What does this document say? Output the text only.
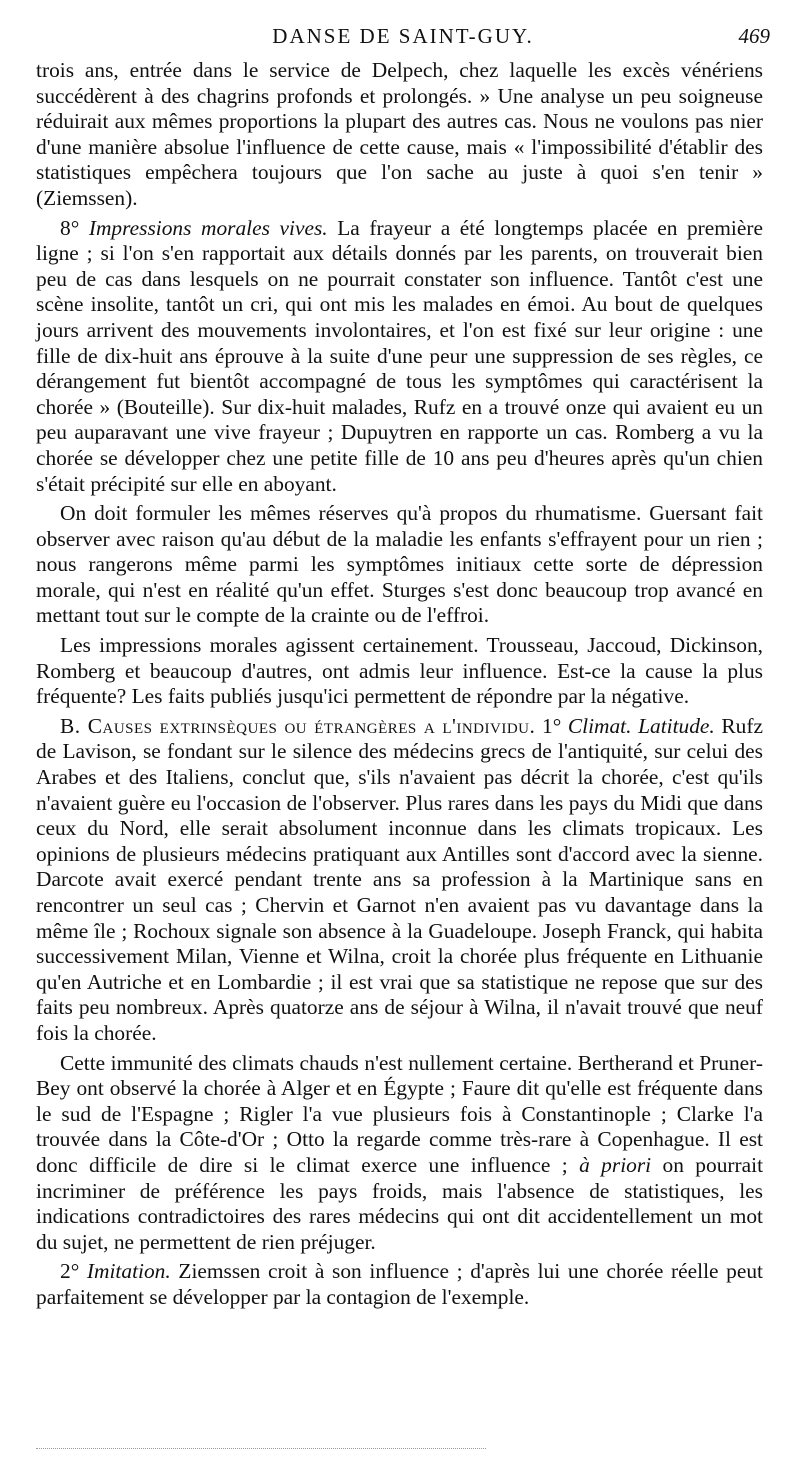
DANSE DE SAINT-GUY.	469

trois ans, entrée dans le service de Delpech, chez laquelle les excès vénériens succédèrent à des chagrins profonds et prolongés. » Une analyse un peu soigneuse réduirait aux mêmes proportions la plupart des autres cas. Nous ne voulons pas nier d'une manière absolue l'influence de cette cause, mais « l'impossibilité d'établir des statistiques empêchera toujours que l'on sache au juste à quoi s'en tenir » (Ziemssen).

8° Impressions morales vives. La frayeur a été longtemps placée en première ligne ; si l'on s'en rapportait aux détails donnés par les parents, on trouverait bien peu de cas dans lesquels on ne pourrait constater son influence. Tantôt c'est une scène insolite, tantôt un cri, qui ont mis les malades en émoi. Au bout de quelques jours arrivent des mouvements involontaires, et l'on est fixé sur leur origine : une fille de dix-huit ans éprouve à la suite d'une peur une suppression de ses règles, ce dérangement fut bientôt accompagné de tous les symptômes qui caractérisent la chorée » (Bouteille). Sur dix-huit malades, Rufz en a trouvé onze qui avaient eu un peu auparavant une vive frayeur ; Dupuytren en rapporte un cas. Romberg a vu la chorée se développer chez une petite fille de 10 ans peu d'heures après qu'un chien s'était précipité sur elle en aboyant.

On doit formuler les mêmes réserves qu'à propos du rhumatisme. Guersant fait observer avec raison qu'au début de la maladie les enfants s'effrayent pour un rien ; nous rangerons même parmi les symptômes initiaux cette sorte de dépression morale, qui n'est en réalité qu'un effet. Sturges s'est donc beaucoup trop avancé en mettant tout sur le compte de la crainte ou de l'effroi.

Les impressions morales agissent certainement. Trousseau, Jaccoud, Dickinson, Romberg et beaucoup d'autres, ont admis leur influence. Est-ce la cause la plus fréquente? Les faits publiés jusqu'ici permettent de répondre par la négative.

B. Causes extrinsèques ou étrangères a l'individu. 1° Climat. Latitude. Rufz de Lavison, se fondant sur le silence des médecins grecs de l'antiquité, sur celui des Arabes et des Italiens, conclut que, s'ils n'avaient pas décrit la chorée, c'est qu'ils n'avaient guère eu l'occasion de l'observer. Plus rares dans les pays du Midi que dans ceux du Nord, elle serait absolument inconnue dans les climats tropicaux. Les opinions de plusieurs médecins pratiquant aux Antilles sont d'accord avec la sienne. Darcote avait exercé pendant trente ans sa profession à la Martinique sans en rencontrer un seul cas ; Chervin et Garnot n'en avaient pas vu davantage dans la même île ; Rochoux signale son absence à la Guadeloupe. Joseph Franck, qui habita successivement Milan, Vienne et Wilna, croit la chorée plus fréquente en Lithuanie qu'en Autriche et en Lombardie ; il est vrai que sa statistique ne repose que sur des faits peu nombreux. Après quatorze ans de séjour à Wilna, il n'avait trouvé que neuf fois la chorée.

Cette immunité des climats chauds n'est nullement certaine. Bertherand et Pruner-Bey ont observé la chorée à Alger et en Égypte ; Faure dit qu'elle est fréquente dans le sud de l'Espagne ; Rigler l'a vue plusieurs fois à Constantinople ; Clarke l'a trouvée dans la Côte-d'Or ; Otto la regarde comme très-rare à Copenhague. Il est donc difficile de dire si le climat exerce une influence ; à priori on pourrait incriminer de préférence les pays froids, mais l'absence de statistiques, les indications contradictoires des rares médecins qui ont dit accidentellement un mot du sujet, ne permettent de rien préjuger.

2° Imitation. Ziemssen croit à son influence ; d'après lui une chorée réelle peut parfaitement se développer par la contagion de l'exemple.
